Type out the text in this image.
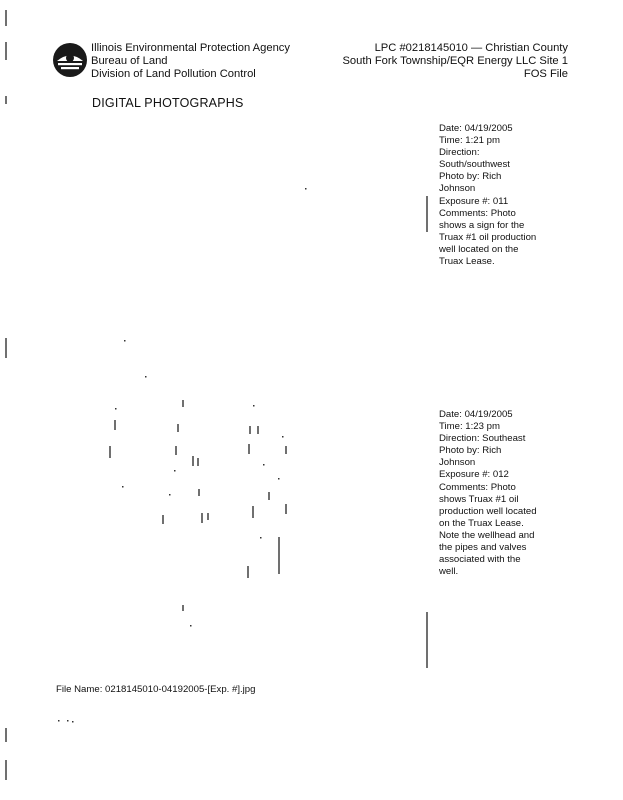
Illinois Environmental Protection Agency
Bureau of Land
Division of Land Pollution Control
LPC #0218145010 — Christian County
South Fork Township/EQR Energy LLC Site 1
FOS File
DIGITAL PHOTOGRAPHS
Date: 04/19/2005
Time: 1:21 pm
Direction:
South/southwest
Photo by: Rich
Johnson
Exposure #: 011
Comments: Photo
shows a sign for the
Truax #1 oil production
well located on the
Truax Lease.
Date: 04/19/2005
Time: 1:23 pm
Direction: Southeast
Photo by: Rich
Johnson
Exposure #: 012
Comments: Photo
shows Truax #1 oil
production well located
on the Truax Lease.
Note the wellhead and
the pipes and valves
associated with the
well.
File Name: 0218145010-04192005-[Exp. #].jpg
